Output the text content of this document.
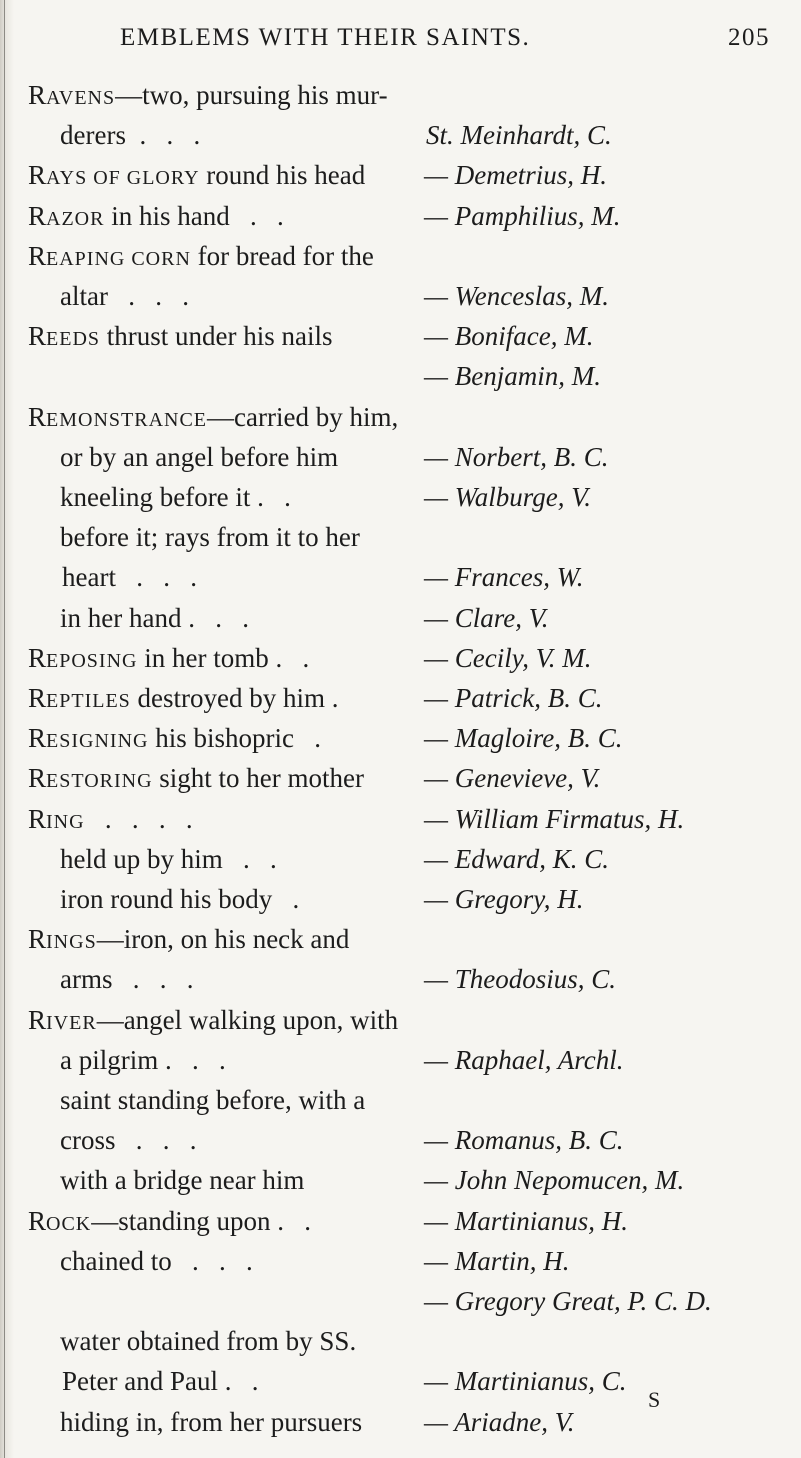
EMBLEMS WITH THEIR SAINTS.	205
RAVENS—two, pursuing his mur-
derers  .   .   .	St. Meinhardt, C.
RAYS OF GLORY round his head — Demetrius, H.
RAZOR in his hand   .   .	— Pamphilius, M.
REAPING CORN for bread for the
altar   .   .   .	— Wenceslas, M.
REEDS thrust under his nails	— Boniface, M.
— Benjamin, M.
REMONSTRANCE—carried by him,
or by an angel before him	— Norbert, B. C.
kneeling before it .   .	— Walburge, V.
before it; rays from it to her
heart   .   .   .	— Frances, W.
in her hand .   .   .	— Clare, V.
REPOSING in her tomb .   .	— Cecily, V. M.
REPTILES destroyed by him .	— Patrick, B. C.
RESIGNING his bishopric   .	— Magloire, B. C.
RESTORING sight to her mother — Genevieve, V.
RING   .   .   .   .	— William Firmatus, H.
held up by him   .   .	— Edward, K. C.
iron round his body   .	— Gregory, H.
RINGS—iron, on his neck and
arms   .   .   .	— Theodosius, C.
RIVER—angel walking upon, with
a pilgrim .   .   .	— Raphael, Archl.
saint standing before, with a
cross   .   .   .	— Romanus, B. C.
with a bridge near him	— John Nepomucen, M.
ROCK—standing upon .   .	— Martinianus, H.
chained to   .   .   .	— Martin, H.
— Gregory Great, P. C. D.
water obtained from by SS.
Peter and Paul .   .	— Martinianus, C.
hiding in, from her pursuers — Ariadne, V.
S
